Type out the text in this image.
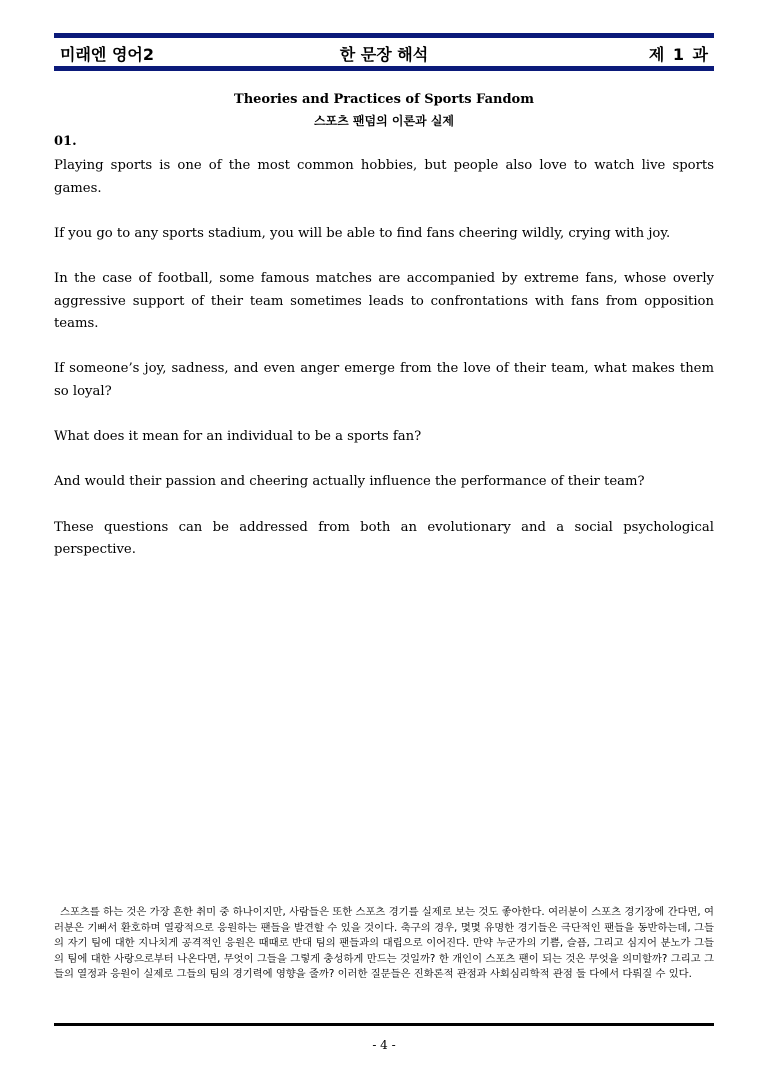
미래엔 영어2	한 문장 해석	제 1 과
Theories and Practices of Sports Fandom
스포츠 팬덤의 이론과 실제
01.

Playing sports is one of the most common hobbies, but people also love to watch live sports games.

If you go to any sports stadium, you will be able to find fans cheering wildly, crying with joy.

In the case of football, some famous matches are accompanied by extreme fans, whose overly aggressive support of their team sometimes leads to confrontations with fans from opposition teams.

If someone’s joy, sadness, and even anger emerge from the love of their team, what makes them so loyal?

What does it mean for an individual to be a sports fan?

And would their passion and cheering actually influence the performance of their team?

These questions can be addressed from both an evolutionary and a social psychological perspective.

스포츠를 하는 것은 가장 흔한 취미 중 하나이지만, 사람들은 또한 스포츠 경기를 실제로 보는 것도 좋아한다. 여러분이 스포츠 경기장에 간다면, 여러분은 기뻐서 환호하며 열광적으로 응원하는 팬들을 발견할 수 있을 것이다. 축구의 경우, 몇몇 유명한 경기들은 극단적인 팬들을 동반하는데, 그들의 자기 팀에 대한 지나치게 공격적인 응원은 때때로 반대 팀의 팬들과의 대립으로 이어진다. 만약 누군가의 기쁨, 슬픔, 그리고 심지어 분노가 그들의 팀에 대한 사랑으로부터 나온다면, 무엇이 그들을 그렇게 충성하게 만드는 것일까? 한 개인이 스포츠 팬이 되는 것은 무엇을 의미할까? 그리고 그들의 열정과 응원이 실제로 그들의 팀의 경기력에 영향을 줄까? 이러한 질문들은 진화론적 관점과 사회심리학적 관점 둘 다에서 다뤄질 수 있다.
- 4 -
